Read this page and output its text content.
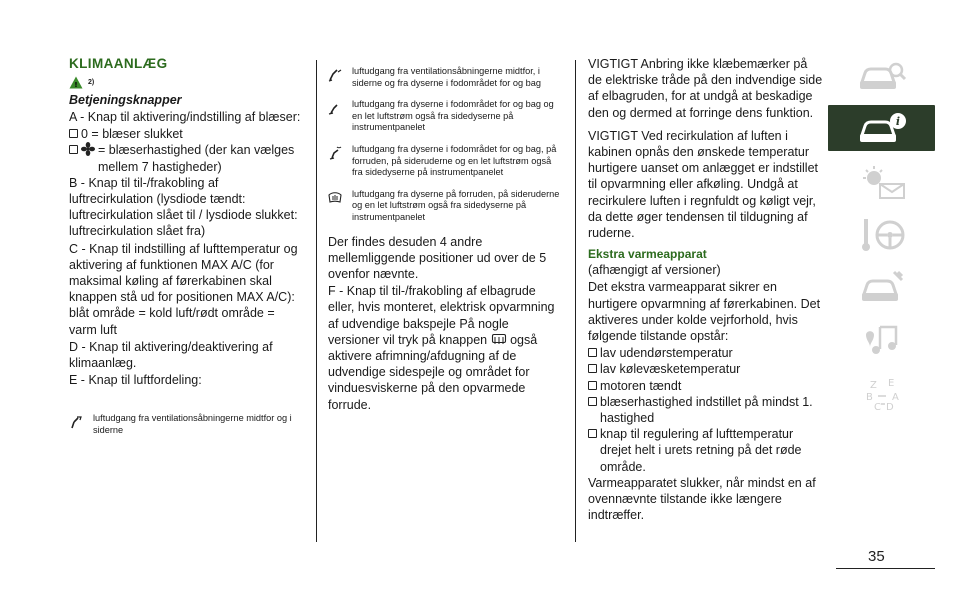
KLIMAANLÆG
! 2)
Betjeningsknapper

A - Knap til aktivering/indstilling af blæser:

0 = blæser slukket
= blæserhastighed (der kan vælges mellem 7 hastigheder)

B - Knap til til-/frakobling af luftrecirkulation (lysdiode tændt: luftrecirkulation slået til / lysdiode slukket: luftrecirkulation slået fra)

C - Knap til indstilling af lufttemperatur og aktivering af funktionen MAX A/C (for maksimal køling af førerkabinen skal knappen stå ud for positionen MAX A/C): blåt område = kold luft/rødt område = varm luft

D - Knap til aktivering/deaktivering af klimaanlæg.

E - Knap til luftfordeling:

luftudgang fra ventilationsåbningerne midtfor og i siderne
luftudgang fra ventilationsåbningerne midtfor, i siderne og fra dyserne i fodområdet for og bag
luftudgang fra dyserne i fodområdet for og bag og en let luftstrøm også fra sidedyserne på instrumentpanelet
luftudgang fra dyserne i fodområdet for og bag, på forruden, på sideruderne og en let luftstrøm også fra sidedyserne på instrumentpanelet
luftudgang fra dyserne på forruden, på sideruderne og en let luftstrøm også fra sidedyserne på instrumentpanelet

Der findes desuden 4 andre mellemliggende positioner ud over de 5 ovenfor nævnte.

F - Knap til til-/frakobling af elbagrude eller, hvis monteret, elektrisk opvarmning af udvendige bakspejle På nogle versioner vil tryk på knappen også aktivere afrimning/afdugning af de udvendige sidespejle og området for vinduesviskerne på den opvarmede forrude.

VIGTIGT Anbring ikke klæbemærker på de elektriske tråde på den indvendige side af elbagruden, for at undgå at beskadige den og dermed at forringe dens funktion.

VIGTIGT Ved recirkulation af luften i kabinen opnås den ønskede temperatur hurtigere uanset om anlægget er indstillet til opvarmning eller afkøling. Undgå at recirkulere luften i regnfuldt og køligt vejr, da dette øger tendensen til tildugning af ruderne.

Ekstra varmeapparat

(afhængigt af versioner)

Det ekstra varmeapparat sikrer en hurtigere opvarmning af førerkabinen. Det aktiveres under kolde vejrforhold, hvis følgende tilstande opstår:

lav udendørstemperatur
lav kølevæsketemperatur
motoren tændt
blæserhastighed indstillet på mindst 1. hastighed
knap til regulering af lufttemperatur drejet helt i urets retning på det røde område.

Varmeapparatet slukker, når mindst en af ovennævnte tilstande ikke længere indtræffer.

i
Z E
B A
C D
35
